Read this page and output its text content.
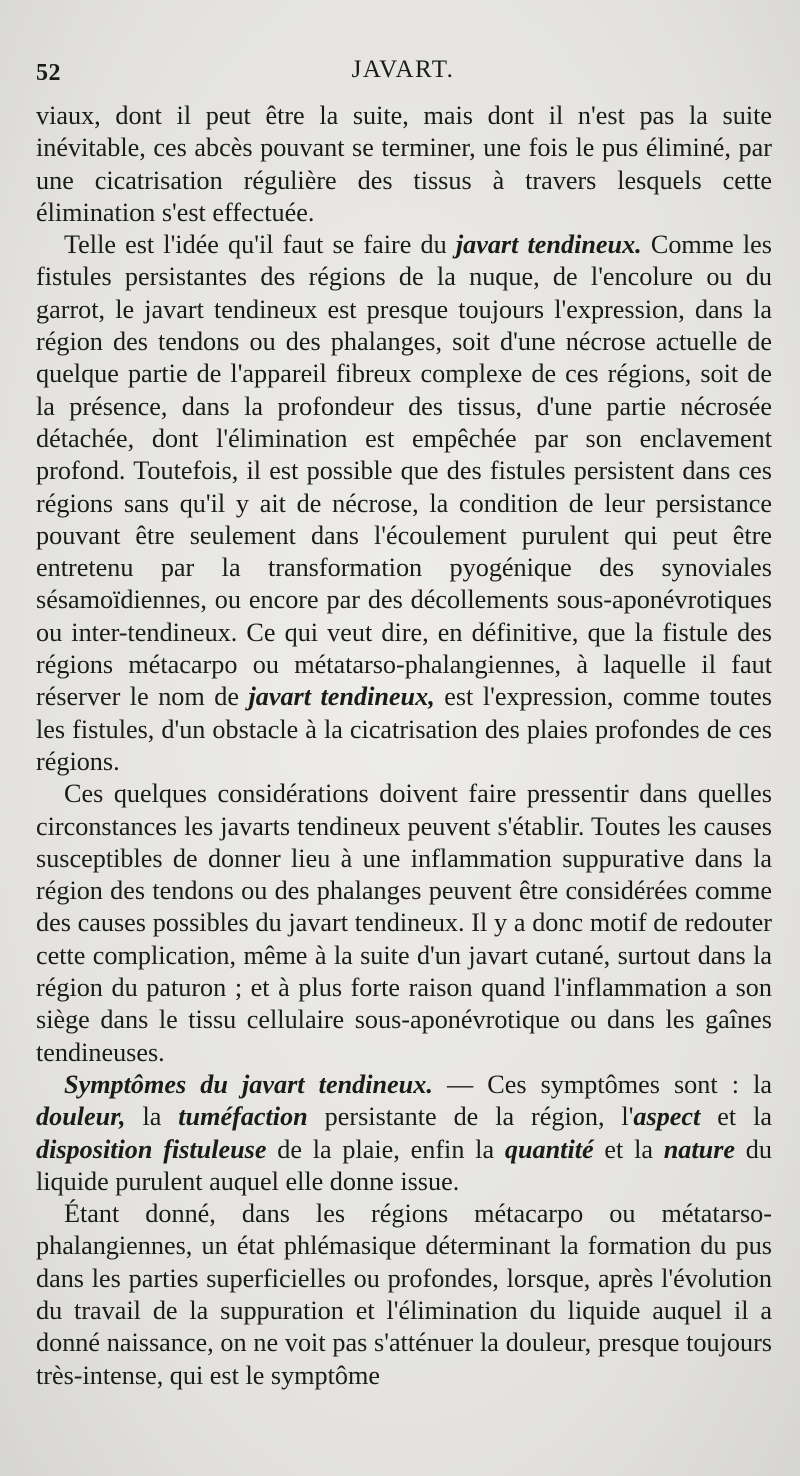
52	JAVART.

viaux, dont il peut être la suite, mais dont il n'est pas la suite inévitable, ces abcès pouvant se terminer, une fois le pus éliminé, par une cicatrisation régulière des tissus à travers lesquels cette élimination s'est effectuée.

Telle est l'idée qu'il faut se faire du javart tendineux. Comme les fistules persistantes des régions de la nuque, de l'encolure ou du garrot, le javart tendineux est presque toujours l'expression, dans la région des tendons ou des phalanges, soit d'une nécrose actuelle de quelque partie de l'appareil fibreux complexe de ces régions, soit de la présence, dans la profondeur des tissus, d'une partie nécrosée détachée, dont l'élimination est empêchée par son enclavement profond. Toutefois, il est possible que des fistules persistent dans ces régions sans qu'il y ait de nécrose, la condition de leur persistance pouvant être seulement dans l'écoulement purulent qui peut être entretenu par la transformation pyogénique des synoviales sésamoïdiennes, ou encore par des décollements sous-aponévrotiques ou inter-tendineux. Ce qui veut dire, en définitive, que la fistule des régions métacarpo ou métatarso-phalangiennes, à laquelle il faut réserver le nom de javart tendineux, est l'expression, comme toutes les fistules, d'un obstacle à la cicatrisation des plaies profondes de ces régions.

Ces quelques considérations doivent faire pressentir dans quelles circonstances les javarts tendineux peuvent s'établir. Toutes les causes susceptibles de donner lieu à une inflammation suppurative dans la région des tendons ou des phalanges peuvent être considérées comme des causes possibles du javart tendineux. Il y a donc motif de redouter cette complication, même à la suite d'un javart cutané, surtout dans la région du paturon ; et à plus forte raison quand l'inflammation a son siège dans le tissu cellulaire sous-aponévrotique ou dans les gaînes tendineuses.

Symptômes du javart tendineux. — Ces symptômes sont : la douleur, la tuméfaction persistante de la région, l'aspect et la disposition fistuleuse de la plaie, enfin la quantité et la nature du liquide purulent auquel elle donne issue.

Étant donné, dans les régions métacarpo ou métatarso-phalangiennes, un état phlémasique déterminant la formation du pus dans les parties superficielles ou profondes, lorsque, après l'évolution du travail de la suppuration et l'élimination du liquide auquel il a donné naissance, on ne voit pas s'atténuer la douleur, presque toujours très-intense, qui est le symptôme
